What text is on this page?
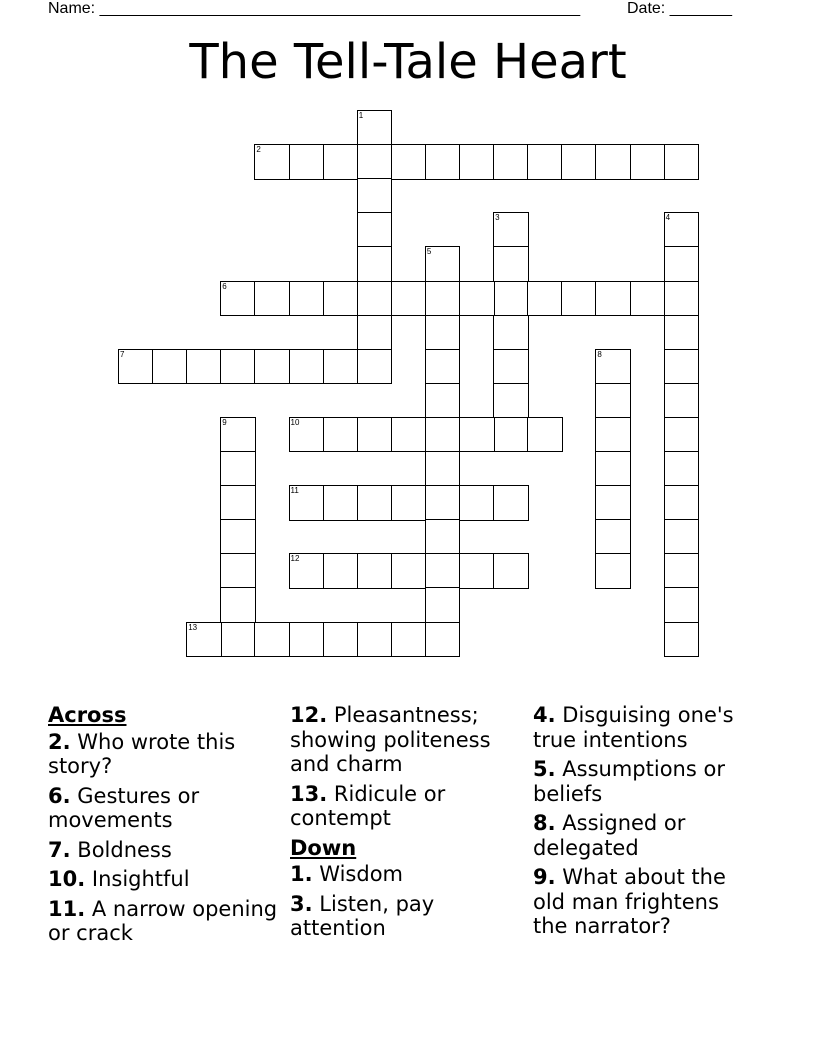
Name: ______________________________________________________	Date: _______
The Tell-Tale Heart
1
2
3	4
5
6
7	8
9	10
11
12
13
Across
2. Who wrote this story?
6. Gestures or movements
7. Boldness
10. Insightful
11. A narrow opening or crack
12. Pleasantness; showing politeness and charm
13. Ridicule or contempt
Down
1. Wisdom
3. Listen, pay attention
4. Disguising one's true intentions
5. Assumptions or beliefs
8. Assigned or delegated
9. What about the old man frightens the narrator?
